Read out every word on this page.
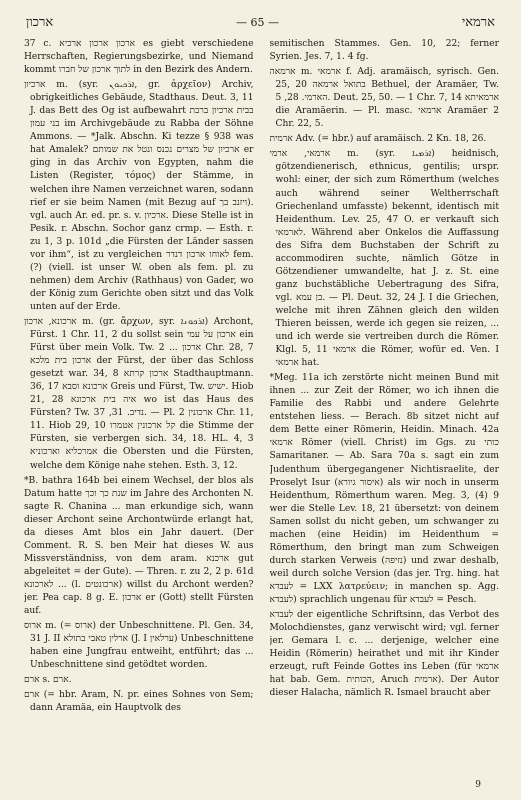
ארכון	— 65 —	ארמאי

37 c. ארכון ארכון ארכיא es giebt verschiedene Herrschaften, Regierungsbezirke, und Niemand kommt לתוך ארכון של חברו in den Bezirk des Andern.

ארכיון m. (syr. ܐܪܟܝܘܢ, gr. ἀρχεῖον) Archiv, obrigkeitliches Gebäude, Stadthaus. Deut. 3, 11 J. das Bett des Og ist aufbewahrt בבית ארכיון ברבת בני עמון im Archivgebäude zu Rabba der Söhne Ammons. — *Jalk. Abschn. Ki tezze § 938 was hat Amalek? ארכיון של מצרים נכנס ונטל את שמותם er ging in das Archiv von Egypten, nahm die Listen (Register, τόμος) der Stämme, in welchen ihre Namen verzeichnet waren, sodann rief er sie beim Namen (mit Bezug auf ויזנב בך). vgl. auch Ar. ed. pr. s. v. ארכיון. Diese Stelle ist in Pesik. r. Abschn. Sochor ganz crmp. — Esth. r. zu 1, 3 p. 101d „die Fürsten der Länder sassen vor ihm“, ist zu vergleichen לאוחו ארכון דנדר fem. (?) (viell. ist unser W. oben als fem. pl. zu nehmen) dem Archiv (Rathhaus) von Gader, wo der König zum Gerichte oben sitzt und das Volk unten auf der Erde.

ארכונא, ארכון m. (gr. ἄρχων, syr. ܐܪܟܘܢܐ) Archont, Fürst. 1 Chr. 11, 2 du sollst sein ארכון על עמי ein Fürst über mein Volk. Tw. ארכון ... 2 Chr. 28, 7 ארכון בית מלכא der Fürst, der über das Schloss gesetzt war. 34, 8 ארכון קרתא Stadthauptmann. 36, 17 ארכונא וסבא Greis und Fürst, Tw. ישיש. Hiob 21, 28 איה בית ארכונא wo ist das Haus des Fürsten? Tw. נדיב. 31, 37. — Pl. ארכונין 2 Chr. 11, 11. Hiob 29, 10 קל ארכונין אטמרו die Stimme der Fürsten, sie verbergen sich. 34, 18. HL. 4, 3 אמרכליא וארכוניא die Obersten und die Fürsten, welche dem Könige nahe stehen. Esth. 3, 12.

*B. bathra 164b bei einem Wechsel, der blos als Datum hatte שנת כך וכך im Jahre des Archonten N. sagte R. Chanina ... man erkundige sich, wann dieser Archont seine Archontwürde erlangt hat, da dieses Amt blos ein Jahr dauert. (Der Comment. R. S. ben Meir hat dieses W. aus Missverständniss, von dem aram. ארכנא gut abgeleitet = der Gute). — Thren. r. zu 2, 2 p. 61d לארכונא ... (l. ארכונטים) willst du Archont werden? jer. Pea cap. 8 g. E. ארכון er (Gott) stellt Fürsten auf.

ארוס m. (= ארוס) der Unbeschnittene. Pl. Gen. 34, 31 J. II ארלין טאבי בתולא (J. I ערלאין) Unbeschnittene haben eine Jungfrau entweiht, entführt; das ... Unbeschnittene sind getödtet worden.

ארם s. ארם.

ארם (= hbr. Aram, N. pr. eines Sohnes von Sem; dann Aramäa, ein Hauptvolk des

semitischen Stammes. Gen. 10, 22; ferner Syrien. Jes. 7, 1. 4 fg.

ארמאה m. ארמאי f. Adj. aramäisch, syrisch. Gen. 25, 20 בתואל ארמאה Bethuel, der Aramäer, Tw. הארמי. 28, 5. Deut. 25, 50. — 1 Chr. 7, 14 ארמאיתא die Aramäerin. — Pl. masc. ארמאי Aramäer 2 Chr. 22, 5.

ארמית Adv. (= hbr.) auf aramäisch. 2 Kn. 18, 26.

ארמאי, ארמי m. (syr. ܐܪܡܝܐ) heidnisch, götzendienerisch, ethnicus, gentilis; urspr. wohl: einer, der sich zum Römerthum (welches auch während seiner Weltherrschaft Griechenland umfasste) bekennt, identisch mit Heidenthum. Lev. 25, 47 O. er verkauft sich לארמאי. Während aber Onkelos die Auffassung des Sifra dem Buchstaben der Schrift zu accommodiren suchte, nämlich Götze in Götzendiener umwandelte, hat J. z. St. eine ganz buchstäbliche Uebertragung des Sifra, vgl. בן עמא. — Pl. Deut. 32, 24 J. I die Griechen, welche mit ihren Zähnen gleich den wilden Thieren beissen, werde ich gegen sie reizen, ... und ich werde sie vertreiben durch die Römer. Klgl. 5, 11 ארמאי die Römer, wofür ed. Ven. I ארמאי hat.

*Meg. 11a ich zerstörte nicht meinen Bund mit ihnen ... zur Zeit der Römer, wo ich ihnen die Familie des Rabbi und andere Gelehrte entstehen liess. — Berach. 8b sitzet nicht auf dem Bette einer Römerin, Heidin. Minach. 42a ארמאי Römer (viell. Christ) im Ggs. zu כותי Samaritaner. — Ab. Sara 70a s. sagt ein zum Judenthum übergegangener Nichtisraelite, der Proselyt Isur (איסור גיורא) als wir noch in unserm Heidenthum, Römerthum waren. Meg. 3, (4) 9 wer die Stelle Lev. 18, 21 übersetzt: von deinem Samen sollst du nicht geben, um schwanger zu machen (eine Heidin) im Heidenthum = Römerthum, den bringt man zum Schweigen durch starken Verweis (נזיפה) und zwar deshalb, weil durch solche Version (das jer. Trg. hing. hat לעבדא = LXX λατρεύειν; in manchen sp. Agg. לעבדא) sprachlich ungenau für לעבדא = Pesch.

לעבדא der eigentliche Schriftsinn, das Verbot des Molochdienstes, ganz verwischt wird; vgl. ferner jer. Gemara l. c. ... derjenige, welcher eine Heidin (Römerin) heirathet und mit ihr Kinder erzeugt, ruft Feinde Gottes ins Leben (für ארמאי hat bab. Gem. הכותית, Aruch ארמית). Der Autor dieser Halacha, nämlich R. Ismael braucht aber

9
